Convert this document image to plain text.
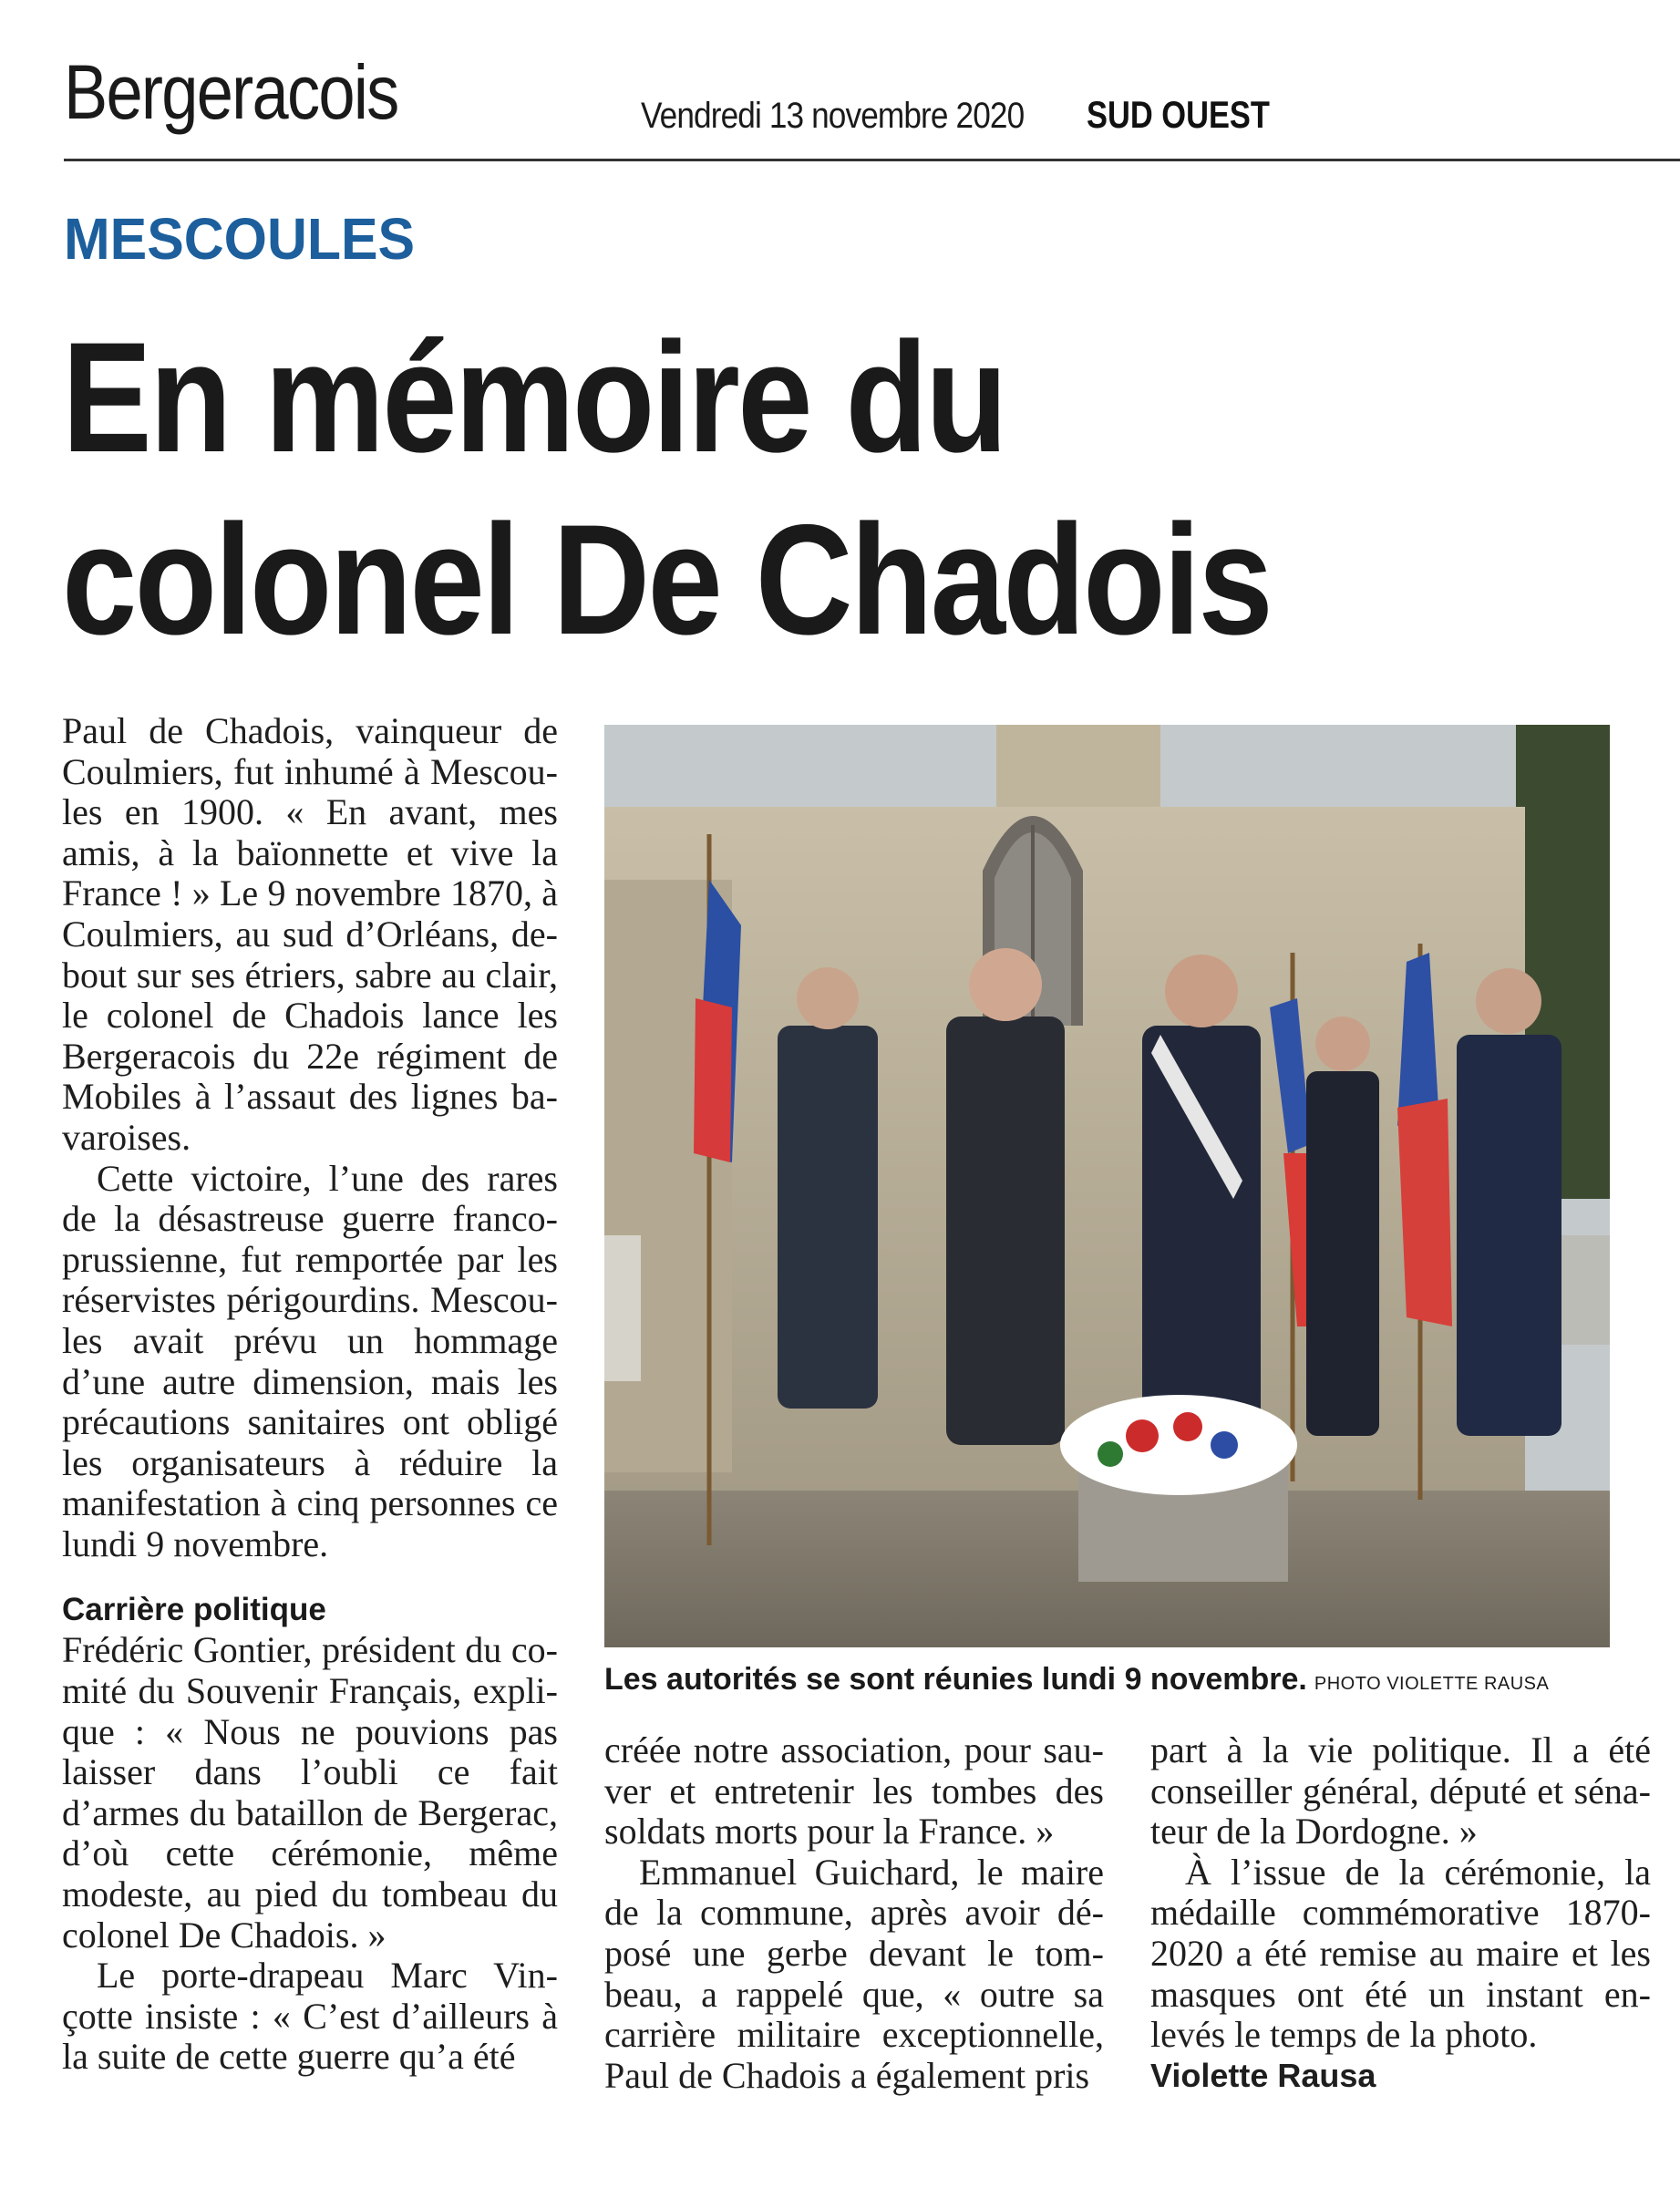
Bergeracois	Vendredi 13 novembre 2020 SUD OUEST
MESCOULES
En mémoire du
colonel De Chadois

Paul de Chadois, vainqueur de Coulmiers, fut inhumé à Mescoules en 1900. « En avant, mes amis, à la baïonnette et vive la France ! » Le 9 novembre 1870, à Coulmiers, au sud d’Orléans, debout sur ses étriers, sabre au clair, le colonel de Chadois lance les Bergeracois du 22e régiment de Mobiles à l’assaut des lignes bavaroises.

Cette victoire, l’une des rares de la désastreuse guerre franco-prussienne, fut remportée par les réservistes périgourdins. Mescoules avait prévu un hommage d’une autre dimension, mais les précautions sanitaires ont obligé les organisateurs à réduire la manifestation à cinq personnes ce lundi 9 novembre.

Carrière politique

Frédéric Gontier, président du comité du Souvenir Français, explique : « Nous ne pouvions pas laisser dans l’oubli ce fait d’armes du bataillon de Bergerac, d’où cette cérémonie, même modeste, au pied du tombeau du colonel De Chadois. »

Le porte-drapeau Marc Vinçotte insiste : « C’est d’ailleurs à la suite de cette guerre qu’a été

Les autorités se sont réunies lundi 9 novembre. PHOTO VIOLETTE RAUSA

créée notre association, pour sauver et entretenir les tombes des soldats morts pour la France. »

Emmanuel Guichard, le maire de la commune, après avoir déposé une gerbe devant le tombeau, a rappelé que, « outre sa carrière militaire exceptionnelle, Paul de Chadois a également pris

part à la vie politique. Il a été conseiller général, député et sénateur de la Dordogne. »

À l’issue de la cérémonie, la médaille commémorative 1870-2020 a été remise au maire et les masques ont été un instant enlevés le temps de la photo.

Violette Rausa
